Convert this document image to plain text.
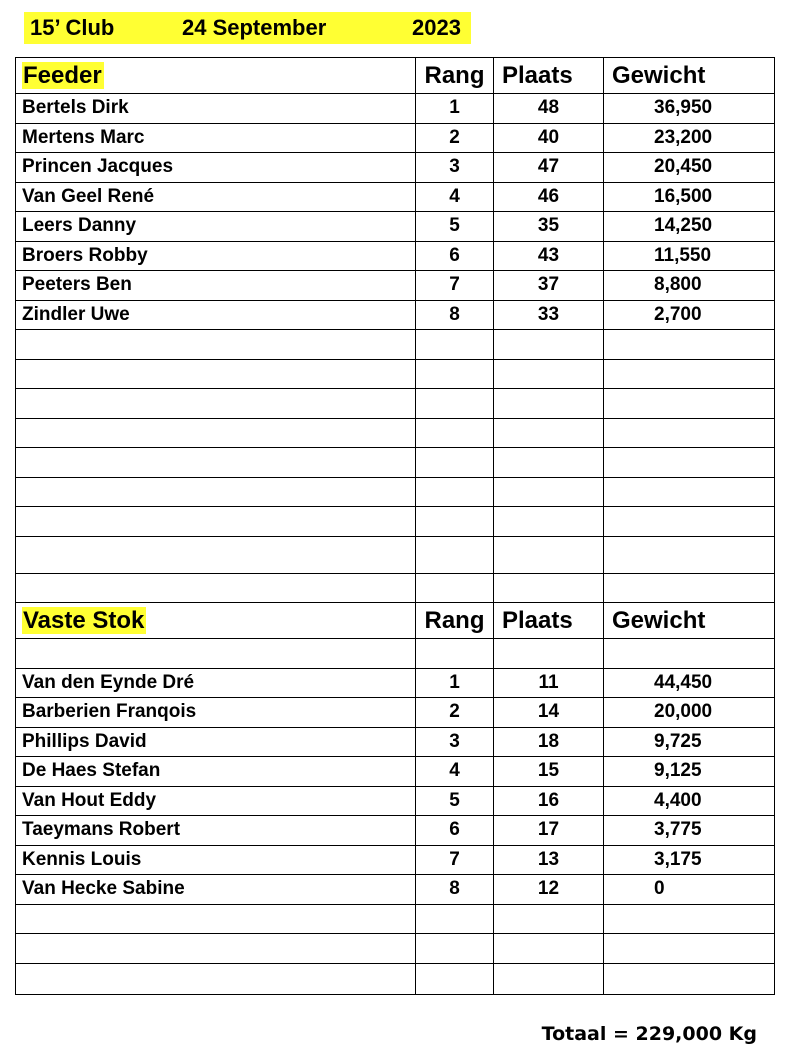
15’ Club	24 September	2023
Feeder	Rang	Plaats	Gewicht
Bertels Dirk	1	48	36,950
Mertens Marc	2	40	23,200
Princen Jacques	3	47	20,450
Van Geel René	4	46	16,500
Leers Danny	5	35	14,250
Broers Robby	6	43	11,550
Peeters Ben	7	37	8,800
Zindler Uwe	8	33	2,700

Vaste Stok	Rang	Plaats	Gewicht

Van den Eynde Dré	1	11	44,450
Barberien Franqois	2	14	20,000
Phillips David	3	18	9,725
De Haes Stefan	4	15	9,125
Van Hout Eddy	5	16	4,400
Taeymans Robert	6	17	3,775
Kennis Louis	7	13	3,175
Van Hecke Sabine	8	12	0

Totaal = 229,000 Kg
